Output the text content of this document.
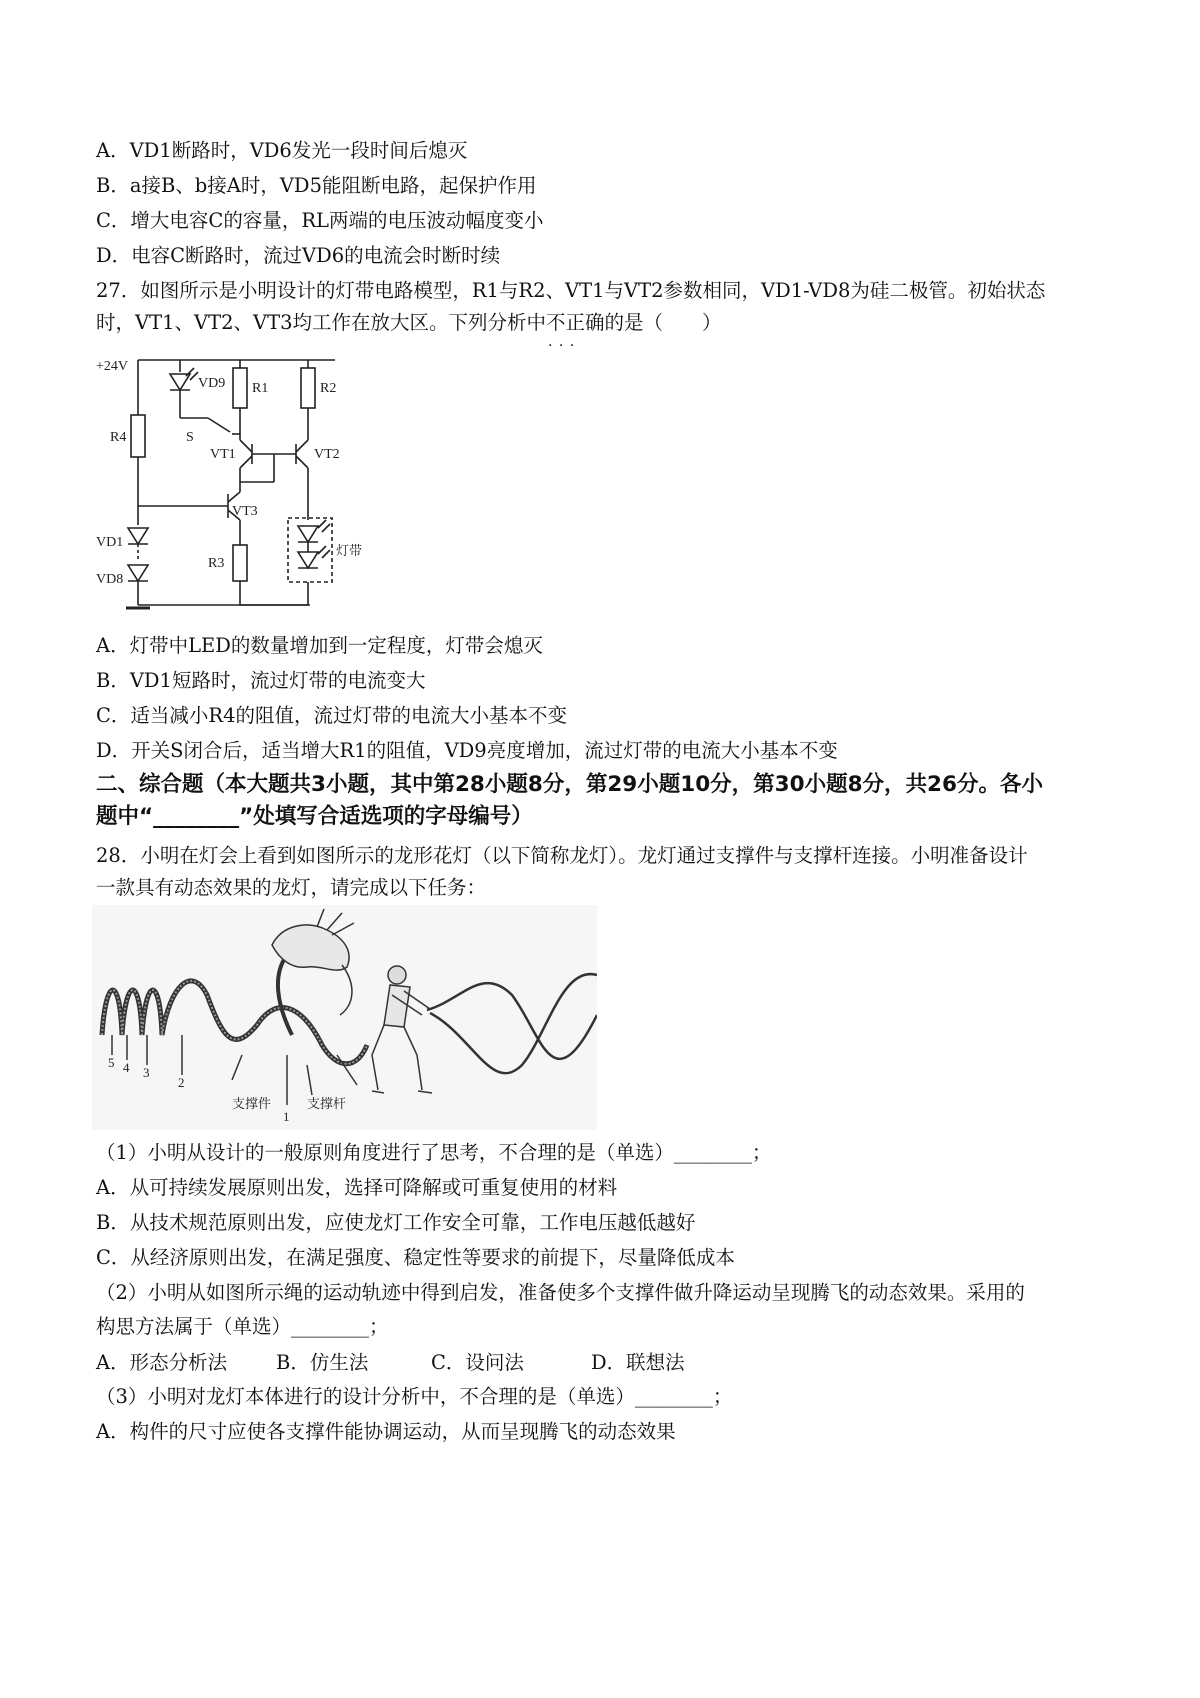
A．VD1断路时，VD6发光一段时间后熄灭
B．a接B、b接A时，VD5能阻断电路，起保护作用
C．增大电容C的容量，RL两端的电压波动幅度变小
D．电容C断路时，流过VD6的电流会时断时续
27．如图所示是小明设计的灯带电路模型，R1与R2、VT1与VT2参数相同，VD1-VD8为硅二极管。初始状态
时，VT1、VT2、VT3均工作在放大区。下列分析中不正确 · · ·的是（　　）
+24V
R4
VD1
VD8
VD9
S
R1	R2
VT1	VT2
VT3
R3
灯带
A．灯带中LED的数量增加到一定程度，灯带会熄灭
B．VD1短路时，流过灯带的电流变大
C．适当减小R4的阻值，流过灯带的电流大小基本不变
D．开关S闭合后，适当增大R1的阻值，VD9亮度增加，流过灯带的电流大小基本不变
二、综合题（本大题共3小题，其中第28小题8分，第29小题10分，第30小题8分，共26分。各小
题中“________”处填写合适选项的字母编号）
28．小明在灯会上看到如图所示的龙形花灯（以下简称龙灯）。龙灯通过支撑件与支撑杆连接。小明准备设计
一款具有动态效果的龙灯，请完成以下任务：
5 4 3
2
1
支撑件	支撑杆
（1）小明从设计的一般原则角度进行了思考，不合理的是（单选）________；
A．从可持续发展原则出发，选择可降解或可重复使用的材料
B．从技术规范原则出发，应使龙灯工作安全可靠，工作电压越低越好
C．从经济原则出发，在满足强度、稳定性等要求的前提下，尽量降低成本
（2）小明从如图所示绳的运动轨迹中得到启发，准备使多个支撑件做升降运动呈现腾飞的动态效果。采用的
构思方法属于（单选）________；
A．形态分析法	B．仿生法	C．设问法	D．联想法
（3）小明对龙灯本体进行的设计分析中，不合理的是（单选）________；
A．构件的尺寸应使各支撑件能协调运动，从而呈现腾飞的动态效果
